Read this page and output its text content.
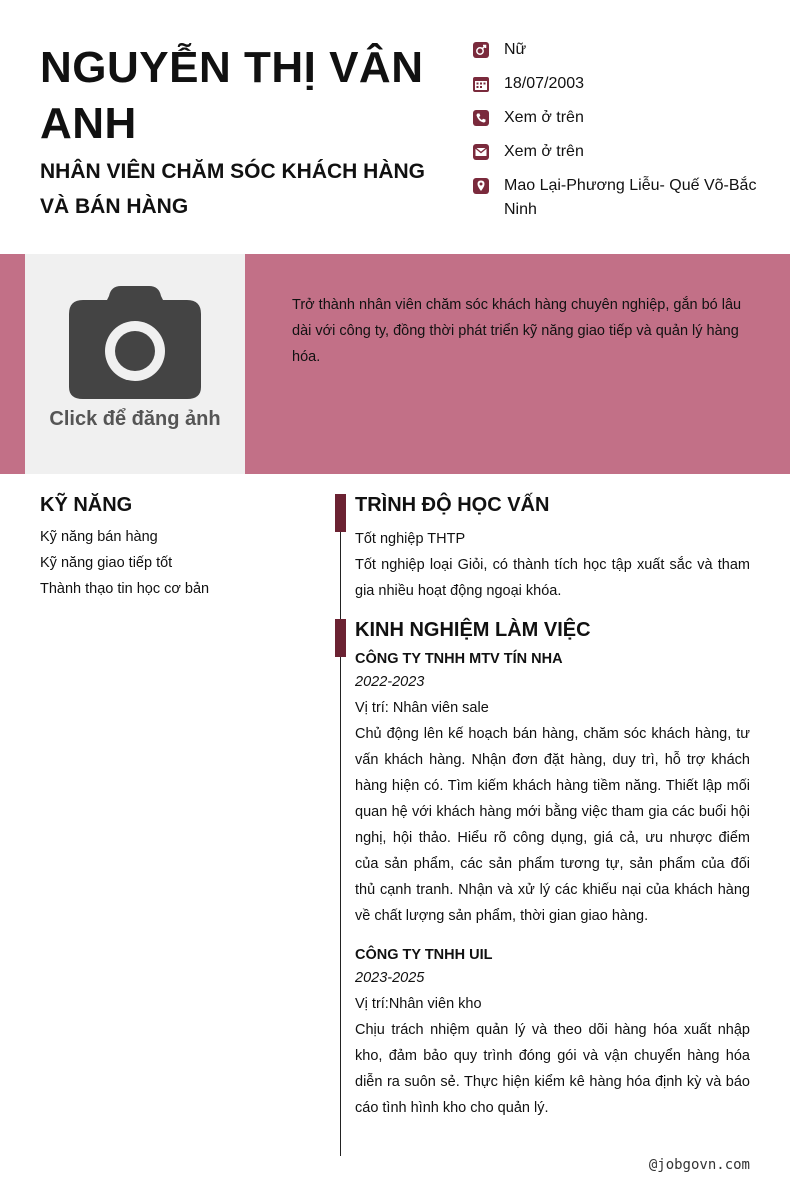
NGUYỄN THỊ VÂN ANH
NHÂN VIÊN CHĂM SÓC KHÁCH HÀNG VÀ BÁN HÀNG
Nữ
18/07/2003
Xem ở trên
Xem ở trên
Mao Lại-Phương Liễu- Quế Võ-Bắc Ninh
Click để đăng ảnh

Trở thành nhân viên chăm sóc khách hàng chuyên nghiệp, gắn bó lâu dài với công ty, đồng thời phát triển kỹ năng giao tiếp và quản lý hàng hóa.

KỸ NĂNG
Kỹ năng bán hàng
Kỹ năng giao tiếp tốt
Thành thạo tin học cơ bản
TRÌNH ĐỘ HỌC VẤN
Tốt nghiệp THTP
Tốt nghiệp loại Giỏi, có thành tích học tập xuất sắc và tham gia nhiều hoạt động ngoại khóa.
KINH NGHIỆM LÀM VIỆC
CÔNG TY TNHH MTV TÍN NHA
2022-2023
Vị trí: Nhân viên sale
Chủ động lên kế hoạch bán hàng, chăm sóc khách hàng, tư vấn khách hàng. Nhận đơn đặt hàng, duy trì, hỗ trợ khách hàng hiện có. Tìm kiếm khách hàng tiềm năng. Thiết lập mối quan hệ với khách hàng mới bằng việc tham gia các buổi hội nghị, hội thảo. Hiểu rõ công dụng, giá cả, ưu nhược điểm của sản phẩm, các sản phẩm tương tự, sản phẩm của đối thủ cạnh tranh. Nhận và xử lý các khiếu nại của khách hàng về chất lượng sản phẩm, thời gian giao hàng.
CÔNG TY TNHH UIL
2023-2025
Vị trí:Nhân viên kho
Chịu trách nhiệm quản lý và theo dõi hàng hóa xuất nhập kho, đảm bảo quy trình đóng gói và vận chuyển hàng hóa diễn ra suôn sẻ. Thực hiện kiểm kê hàng hóa định kỳ và báo cáo tình hình kho cho quản lý.
@jobgovn.com
